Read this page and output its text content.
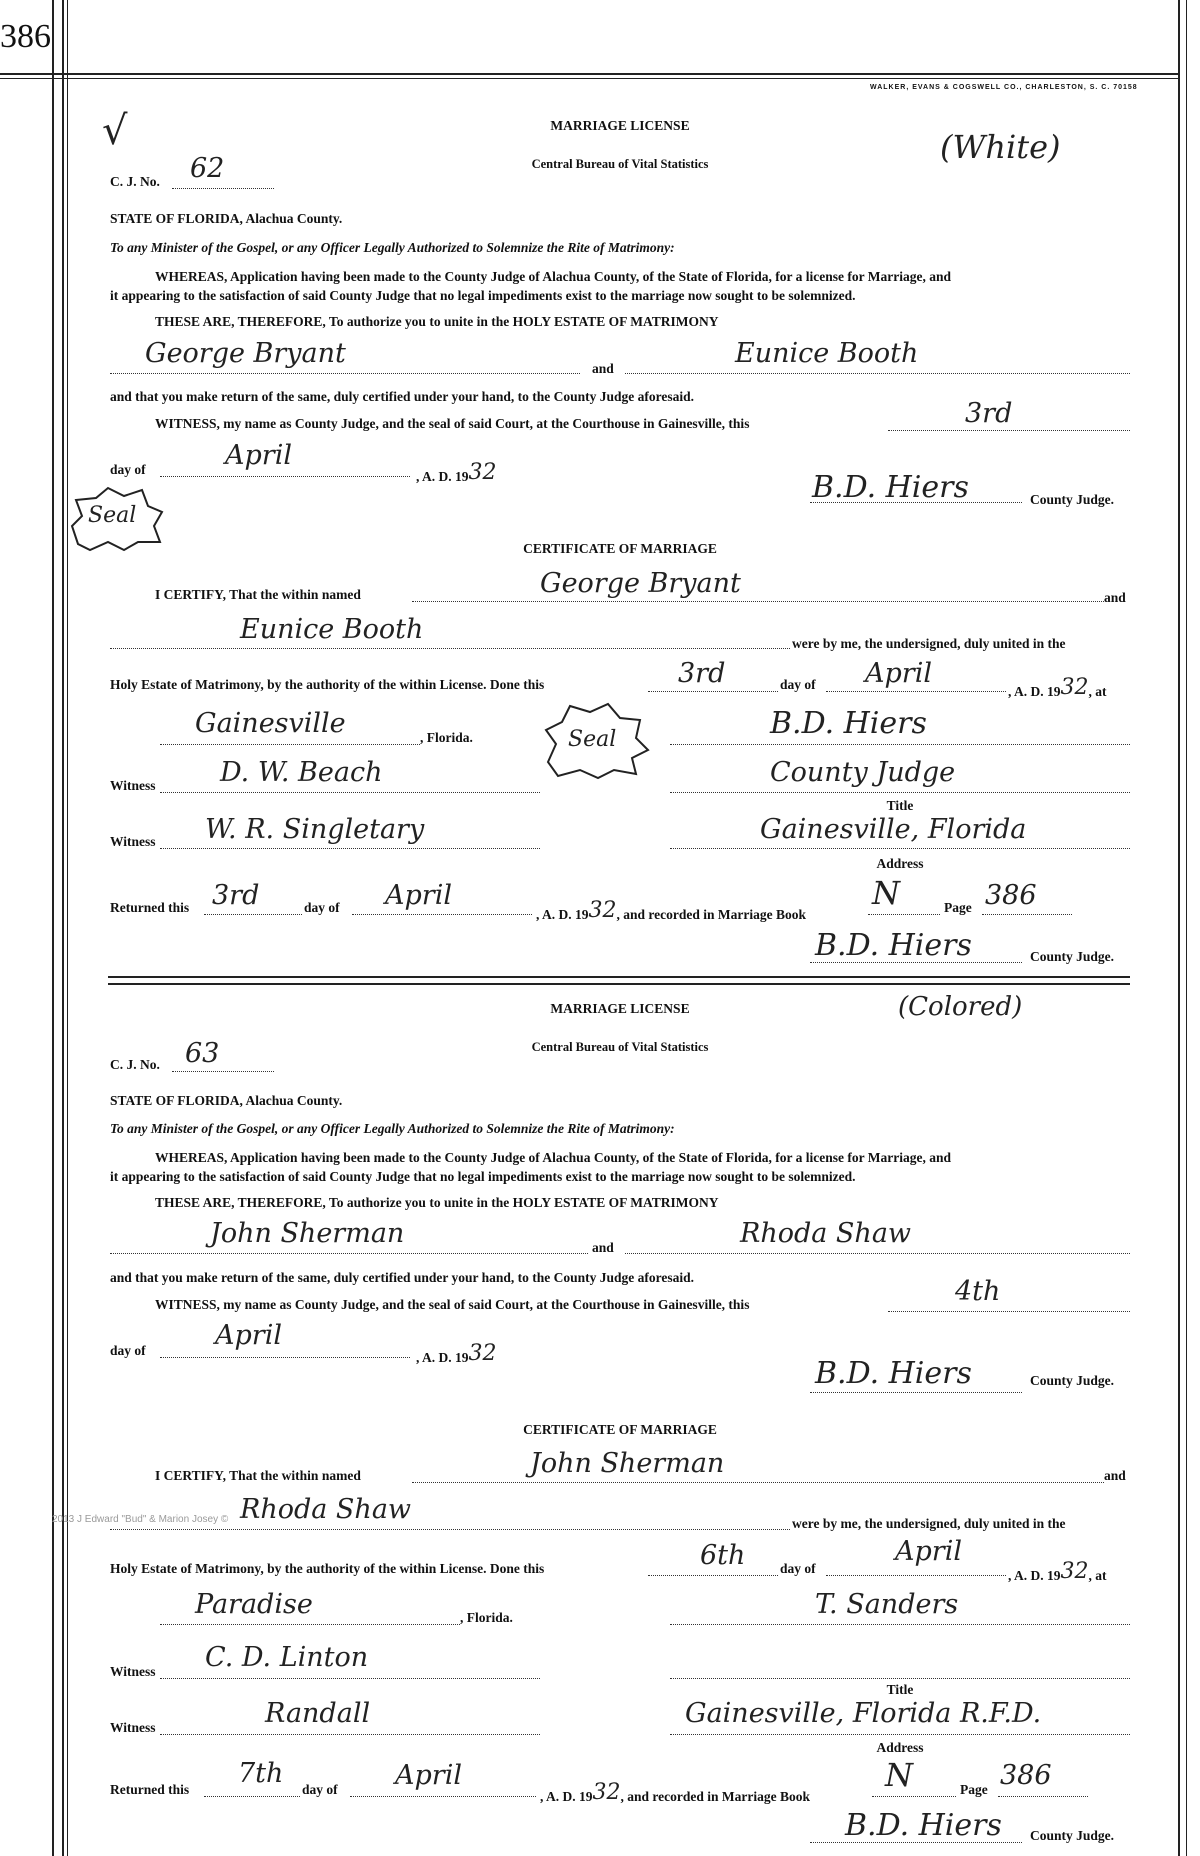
386
WALKER, EVANS & COGSWELL CO., CHARLESTON, S. C. 70158
√	MARRIAGE LICENSE
Central Bureau of Vital Statistics	(White)
C. J. No. 62
STATE OF FLORIDA, Alachua County.
To any Minister of the Gospel, or any Officer Legally Authorized to Solemnize the Rite of Matrimony:
WHEREAS, Application having been made to the County Judge of Alachua County, of the State of Florida, for a license for Marriage, and
it appearing to the satisfaction of said County Judge that no legal impediments exist to the marriage now sought to be solemnized.
THESE ARE, THEREFORE, To authorize you to unite in the HOLY ESTATE OF MATRIMONY
George Bryant	and	Eunice Booth
and that you make return of the same, duly certified under your hand, to the County Judge aforesaid.
WITNESS, my name as County Judge, and the seal of said Court, at the Courthouse in Gainesville, this	3rd
day of	April
, A. D. 1932	B.D. Hiers	County Judge.
Seal
CERTIFICATE OF MARRIAGE
I CERTIFY, That the within named	George Bryant	and
Eunice Booth	were by me, the undersigned, duly united in the
Holy Estate of Matrimony, by the authority of the within License. Done this	3rd	day of April
, A. D. 1932, at
Gainesville	, Florida.	Seal	B.D. Hiers
Witness D. W. Beach	County Judge
Title
Witness W. R. Singletary	Gainesville, Florida
Address
Returned this 3rd	day of April
, A. D. 1932, and recorded in Marriage Book
N	Page 386
B.D. Hiers	County Judge.
MARRIAGE LICENSE
Central Bureau of Vital Statistics
(Colored)
C. J. No. 63
STATE OF FLORIDA, Alachua County.
To any Minister of the Gospel, or any Officer Legally Authorized to Solemnize the Rite of Matrimony:
WHEREAS, Application having been made to the County Judge of Alachua County, of the State of Florida, for a license for Marriage, and
it appearing to the satisfaction of said County Judge that no legal impediments exist to the marriage now sought to be solemnized.
THESE ARE, THEREFORE, To authorize you to unite in the HOLY ESTATE OF MATRIMONY
John Sherman	and	Rhoda Shaw
and that you make return of the same, duly certified under your hand, to the County Judge aforesaid.
WITNESS, my name as County Judge, and the seal of said Court, at the Courthouse in Gainesville, this	4th
day of	April
, A. D. 1932
B.D. Hiers	County Judge.
CERTIFICATE OF MARRIAGE
I CERTIFY, That the within named	John Sherman	and
Rhoda Shaw	were by me, the undersigned, duly united in the
Holy Estate of Matrimony, by the authority of the within License. Done this	6th	day of
April
, A. D. 1932, at
Paradise	, Florida.	T. Sanders
Witness C. D. Linton
Title
Witness	Randall	Gainesville, Florida R.F.D.
Address
2013 J Edward "Bud" & Marion Josey ©
Returned this
7th
day of April
, A. D. 1932, and recorded in Marriage Book
N	Page 386
B.D. Hiers County Judge.
